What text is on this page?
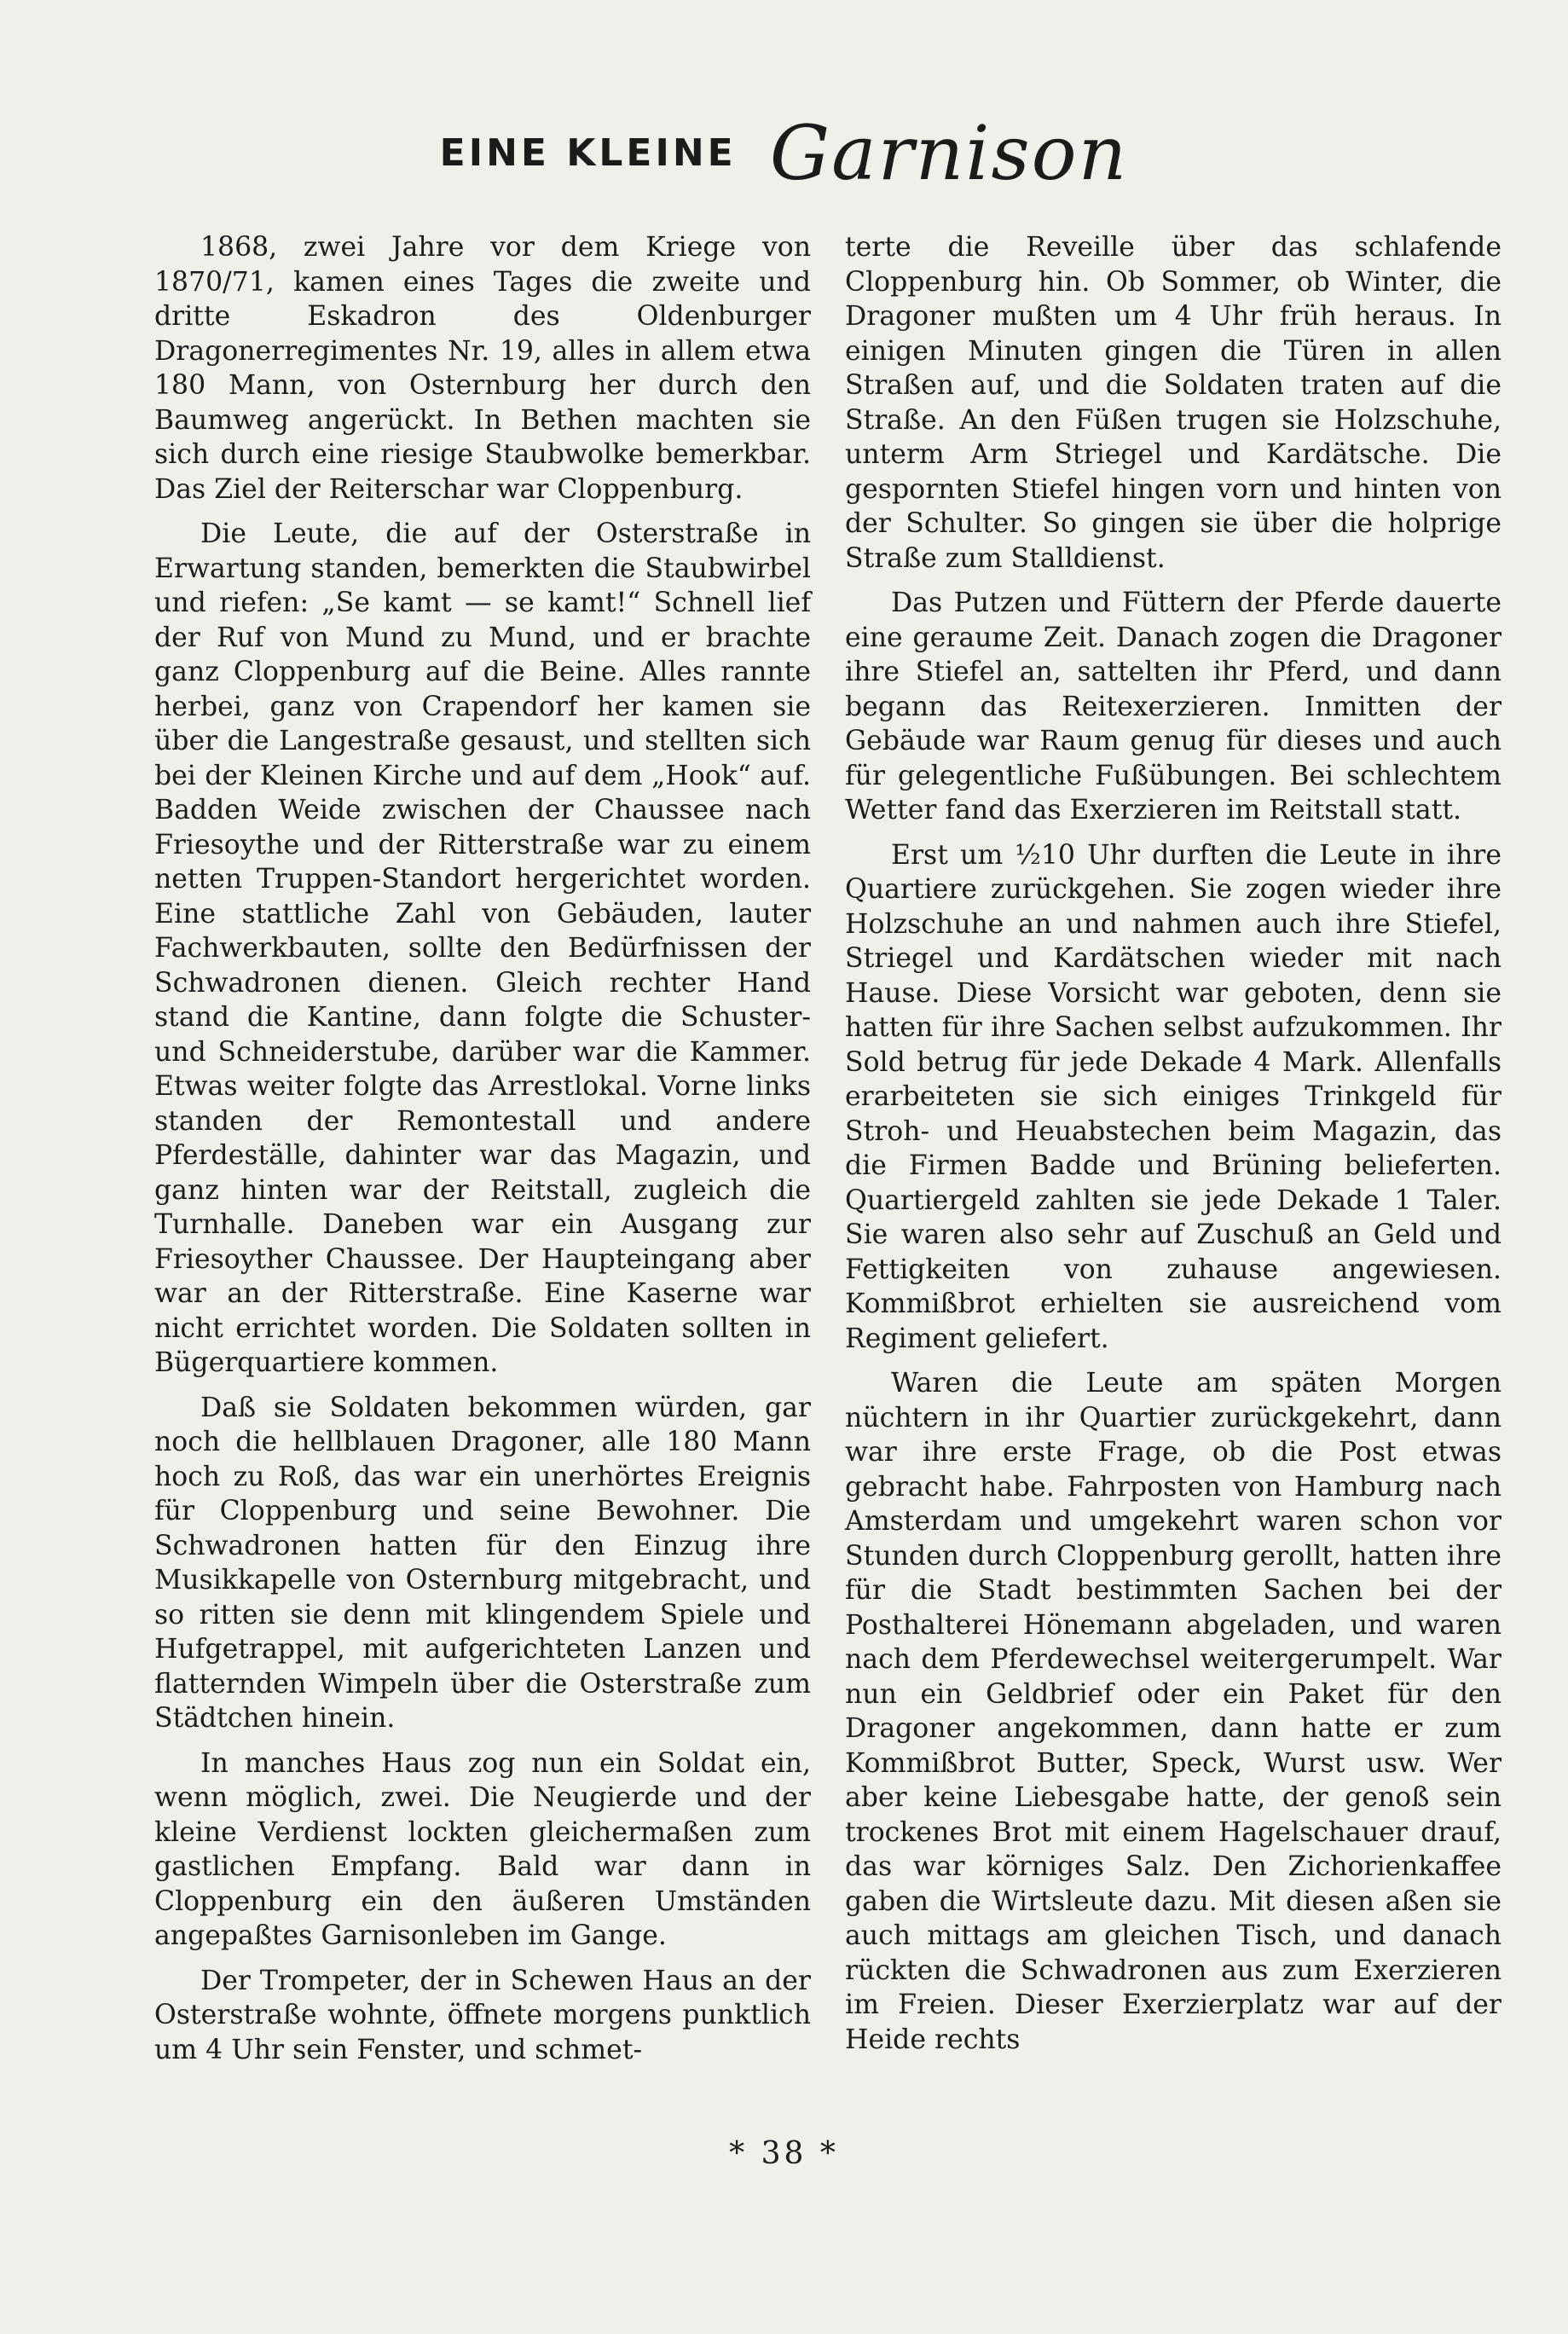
EINE KLEINE Garnison

1868, zwei Jahre vor dem Kriege von 1870/71, kamen eines Tages die zweite und dritte Eskadron des Oldenburger Dragonerregimentes Nr. 19, alles in allem etwa 180 Mann, von Osternburg her durch den Baumweg angerückt. In Bethen machten sie sich durch eine riesige Staubwolke bemerkbar. Das Ziel der Reiterschar war Cloppenburg.

Die Leute, die auf der Osterstraße in Erwartung standen, bemerkten die Staubwirbel und riefen: „Se kamt — se kamt!“ Schnell lief der Ruf von Mund zu Mund, und er brachte ganz Cloppenburg auf die Beine. Alles rannte herbei, ganz von Crapendorf her kamen sie über die Langestraße gesaust, und stellten sich bei der Kleinen Kirche und auf dem „Hook“ auf. Badden Weide zwischen der Chaussee nach Friesoythe und der Ritterstraße war zu einem netten Truppen-Standort hergerichtet worden. Eine stattliche Zahl von Gebäuden, lauter Fachwerkbauten, sollte den Bedürfnissen der Schwadronen dienen. Gleich rechter Hand stand die Kantine, dann folgte die Schuster- und Schneiderstube, darüber war die Kammer. Etwas weiter folgte das Arrestlokal. Vorne links standen der Remontestall und andere Pferdeställe, dahinter war das Magazin, und ganz hinten war der Reitstall, zugleich die Turnhalle. Daneben war ein Ausgang zur Friesoyther Chaussee. Der Haupteingang aber war an der Ritterstraße. Eine Kaserne war nicht errichtet worden. Die Soldaten sollten in Bügerquartiere kommen.

Daß sie Soldaten bekommen würden, gar noch die hellblauen Dragoner, alle 180 Mann hoch zu Roß, das war ein unerhörtes Ereignis für Cloppenburg und seine Bewohner. Die Schwadronen hatten für den Einzug ihre Musikkapelle von Osternburg mitgebracht, und so ritten sie denn mit klingendem Spiele und Hufgetrappel, mit aufgerichteten Lanzen und flatternden Wimpeln über die Osterstraße zum Städtchen hinein.

In manches Haus zog nun ein Soldat ein, wenn möglich, zwei. Die Neugierde und der kleine Verdienst lockten gleichermaßen zum gastlichen Empfang. Bald war dann in Cloppenburg ein den äußeren Umständen angepaßtes Garnisonleben im Gange.

Der Trompeter, der in Schewen Haus an der Osterstraße wohnte, öffnete morgens punktlich um 4 Uhr sein Fenster, und schmet-

terte die Reveille über das schlafende Cloppenburg hin. Ob Sommer, ob Winter, die Dragoner mußten um 4 Uhr früh heraus. In einigen Minuten gingen die Türen in allen Straßen auf, und die Soldaten traten auf die Straße. An den Füßen trugen sie Holzschuhe, unterm Arm Striegel und Kardätsche. Die gespornten Stiefel hingen vorn und hinten von der Schulter. So gingen sie über die holprige Straße zum Stalldienst.

Das Putzen und Füttern der Pferde dauerte eine geraume Zeit. Danach zogen die Dragoner ihre Stiefel an, sattelten ihr Pferd, und dann begann das Reitexerzieren. Inmitten der Gebäude war Raum genug für dieses und auch für gelegentliche Fußübungen. Bei schlechtem Wetter fand das Exerzieren im Reitstall statt.

Erst um ½10 Uhr durften die Leute in ihre Quartiere zurückgehen. Sie zogen wieder ihre Holzschuhe an und nahmen auch ihre Stiefel, Striegel und Kardätschen wieder mit nach Hause. Diese Vorsicht war geboten, denn sie hatten für ihre Sachen selbst aufzukommen. Ihr Sold betrug für jede Dekade 4 Mark. Allenfalls erarbeiteten sie sich einiges Trinkgeld für Stroh- und Heuabstechen beim Magazin, das die Firmen Badde und Brüning belieferten. Quartiergeld zahlten sie jede Dekade 1 Taler. Sie waren also sehr auf Zuschuß an Geld und Fettigkeiten von zuhause angewiesen. Kommißbrot erhielten sie ausreichend vom Regiment geliefert.

Waren die Leute am späten Morgen nüchtern in ihr Quartier zurückgekehrt, dann war ihre erste Frage, ob die Post etwas gebracht habe. Fahrposten von Hamburg nach Amsterdam und umgekehrt waren schon vor Stunden durch Cloppenburg gerollt, hatten ihre für die Stadt bestimmten Sachen bei der Posthalterei Hönemann abgeladen, und waren nach dem Pferdewechsel weitergerumpelt. War nun ein Geldbrief oder ein Paket für den Dragoner angekommen, dann hatte er zum Kommißbrot Butter, Speck, Wurst usw. Wer aber keine Liebesgabe hatte, der genoß sein trockenes Brot mit einem Hagelschauer drauf, das war körniges Salz. Den Zichorienkaffee gaben die Wirtsleute dazu. Mit diesen aßen sie auch mittags am gleichen Tisch, und danach rückten die Schwadronen aus zum Exerzieren im Freien. Dieser Exerzierplatz war auf der Heide rechts

* 38 *
